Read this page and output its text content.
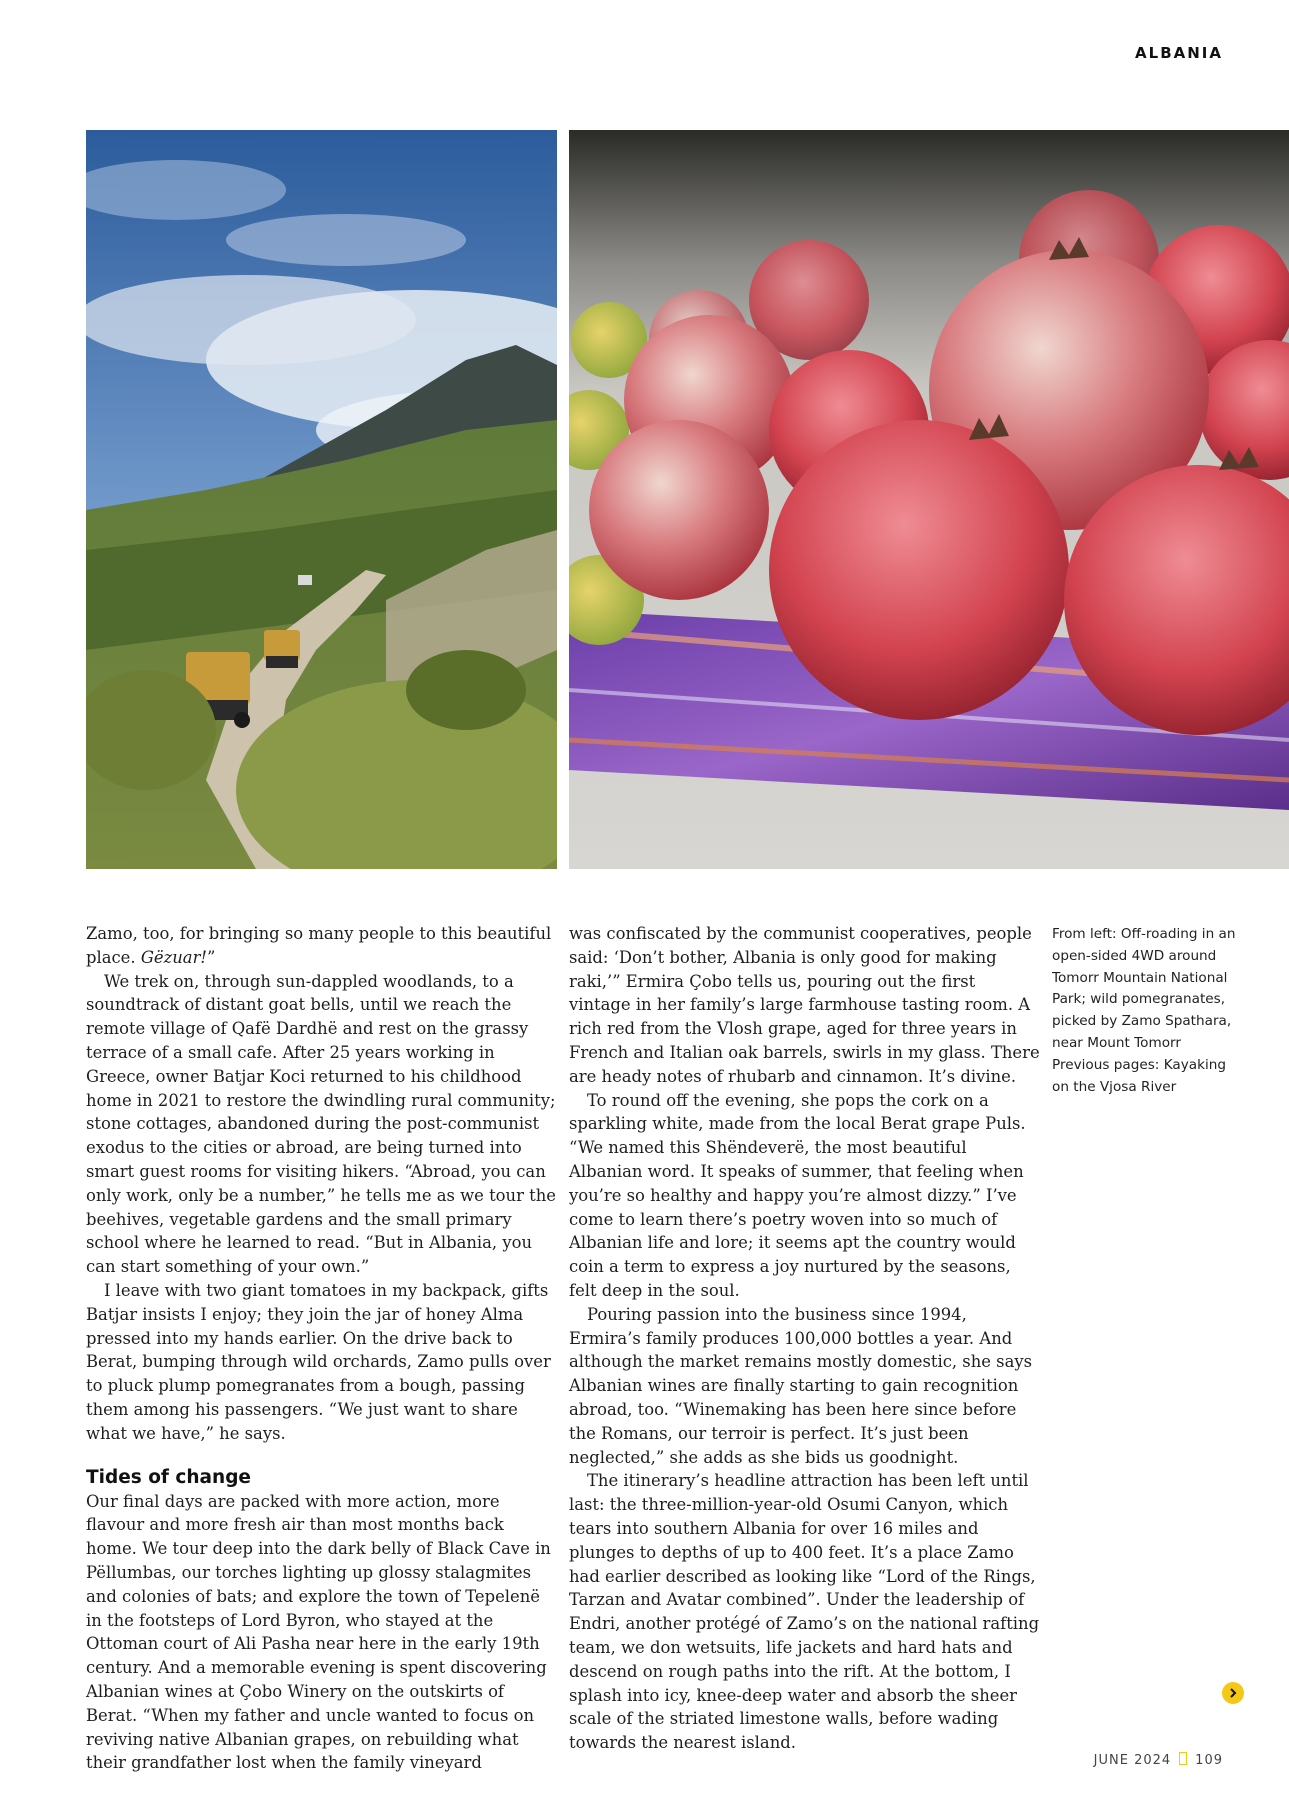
ALBANIA

Zamo, too, for bringing so many people to this beautiful place. Gëzuar!”

We trek on, through sun-dappled woodlands, to a soundtrack of distant goat bells, until we reach the remote village of Qafë Dardhë and rest on the grassy terrace of a small cafe. After 25 years working in Greece, owner Batjar Koci returned to his childhood home in 2021 to restore the dwindling rural community; stone cottages, abandoned during the post-communist exodus to the cities or abroad, are being turned into smart guest rooms for visiting hikers. “Abroad, you can only work, only be a number,” he tells me as we tour the beehives, vegetable gardens and the small primary school where he learned to read. “But in Albania, you can start something of your own.”

I leave with two giant tomatoes in my backpack, gifts Batjar insists I enjoy; they join the jar of honey Alma pressed into my hands earlier. On the drive back to Berat, bumping through wild orchards, Zamo pulls over to pluck plump pomegranates from a bough, passing them among his passengers. “We just want to share what we have,” he says.

Tides of change

Our final days are packed with more action, more flavour and more fresh air than most months back home. We tour deep into the dark belly of Black Cave in Pëllumbas, our torches lighting up glossy stalagmites and colonies of bats; and explore the town of Tepelenë in the footsteps of Lord Byron, who stayed at the Ottoman court of Ali Pasha near here in the early 19th century. And a memorable evening is spent discovering Albanian wines at Çobo Winery on the outskirts of Berat. “When my father and uncle wanted to focus on reviving native Albanian grapes, on rebuilding what their grandfather lost when the family vineyard

was confiscated by the communist cooperatives, people said: ‘Don’t bother, Albania is only good for making raki,’” Ermira Çobo tells us, pouring out the first vintage in her family’s large farmhouse tasting room. A rich red from the Vlosh grape, aged for three years in French and Italian oak barrels, swirls in my glass. There are heady notes of rhubarb and cinnamon. It’s divine.

To round off the evening, she pops the cork on a sparkling white, made from the local Berat grape Puls. “We named this Shëndeverë, the most beautiful Albanian word. It speaks of summer, that feeling when you’re so healthy and happy you’re almost dizzy.” I’ve come to learn there’s poetry woven into so much of Albanian life and lore; it seems apt the country would coin a term to express a joy nurtured by the seasons, felt deep in the soul.

Pouring passion into the business since 1994, Ermira’s family produces 100,000 bottles a year. And although the market remains mostly domestic, she says Albanian wines are finally starting to gain recognition abroad, too. “Winemaking has been here since before the Romans, our terroir is perfect. It’s just been neglected,” she adds as she bids us goodnight.

The itinerary’s headline attraction has been left until last: the three-million-year-old Osumi Canyon, which tears into southern Albania for over 16 miles and plunges to depths of up to 400 feet. It’s a place Zamo had earlier described as looking like “Lord of the Rings, Tarzan and Avatar combined”. Under the leadership of Endri, another protégé of Zamo’s on the national rafting team, we don wetsuits, life jackets and hard hats and descend on rough paths into the rift. At the bottom, I splash into icy, knee-deep water and absorb the sheer scale of the striated limestone walls, before wading towards the nearest island.

From left: Off-roading in an open-sided 4WD around Tomorr Mountain National Park; wild pomegranates, picked by Zamo Spathara, near Mount Tomorr

Previous pages: Kayaking on the Vjosa River

JUNE 2024 109
